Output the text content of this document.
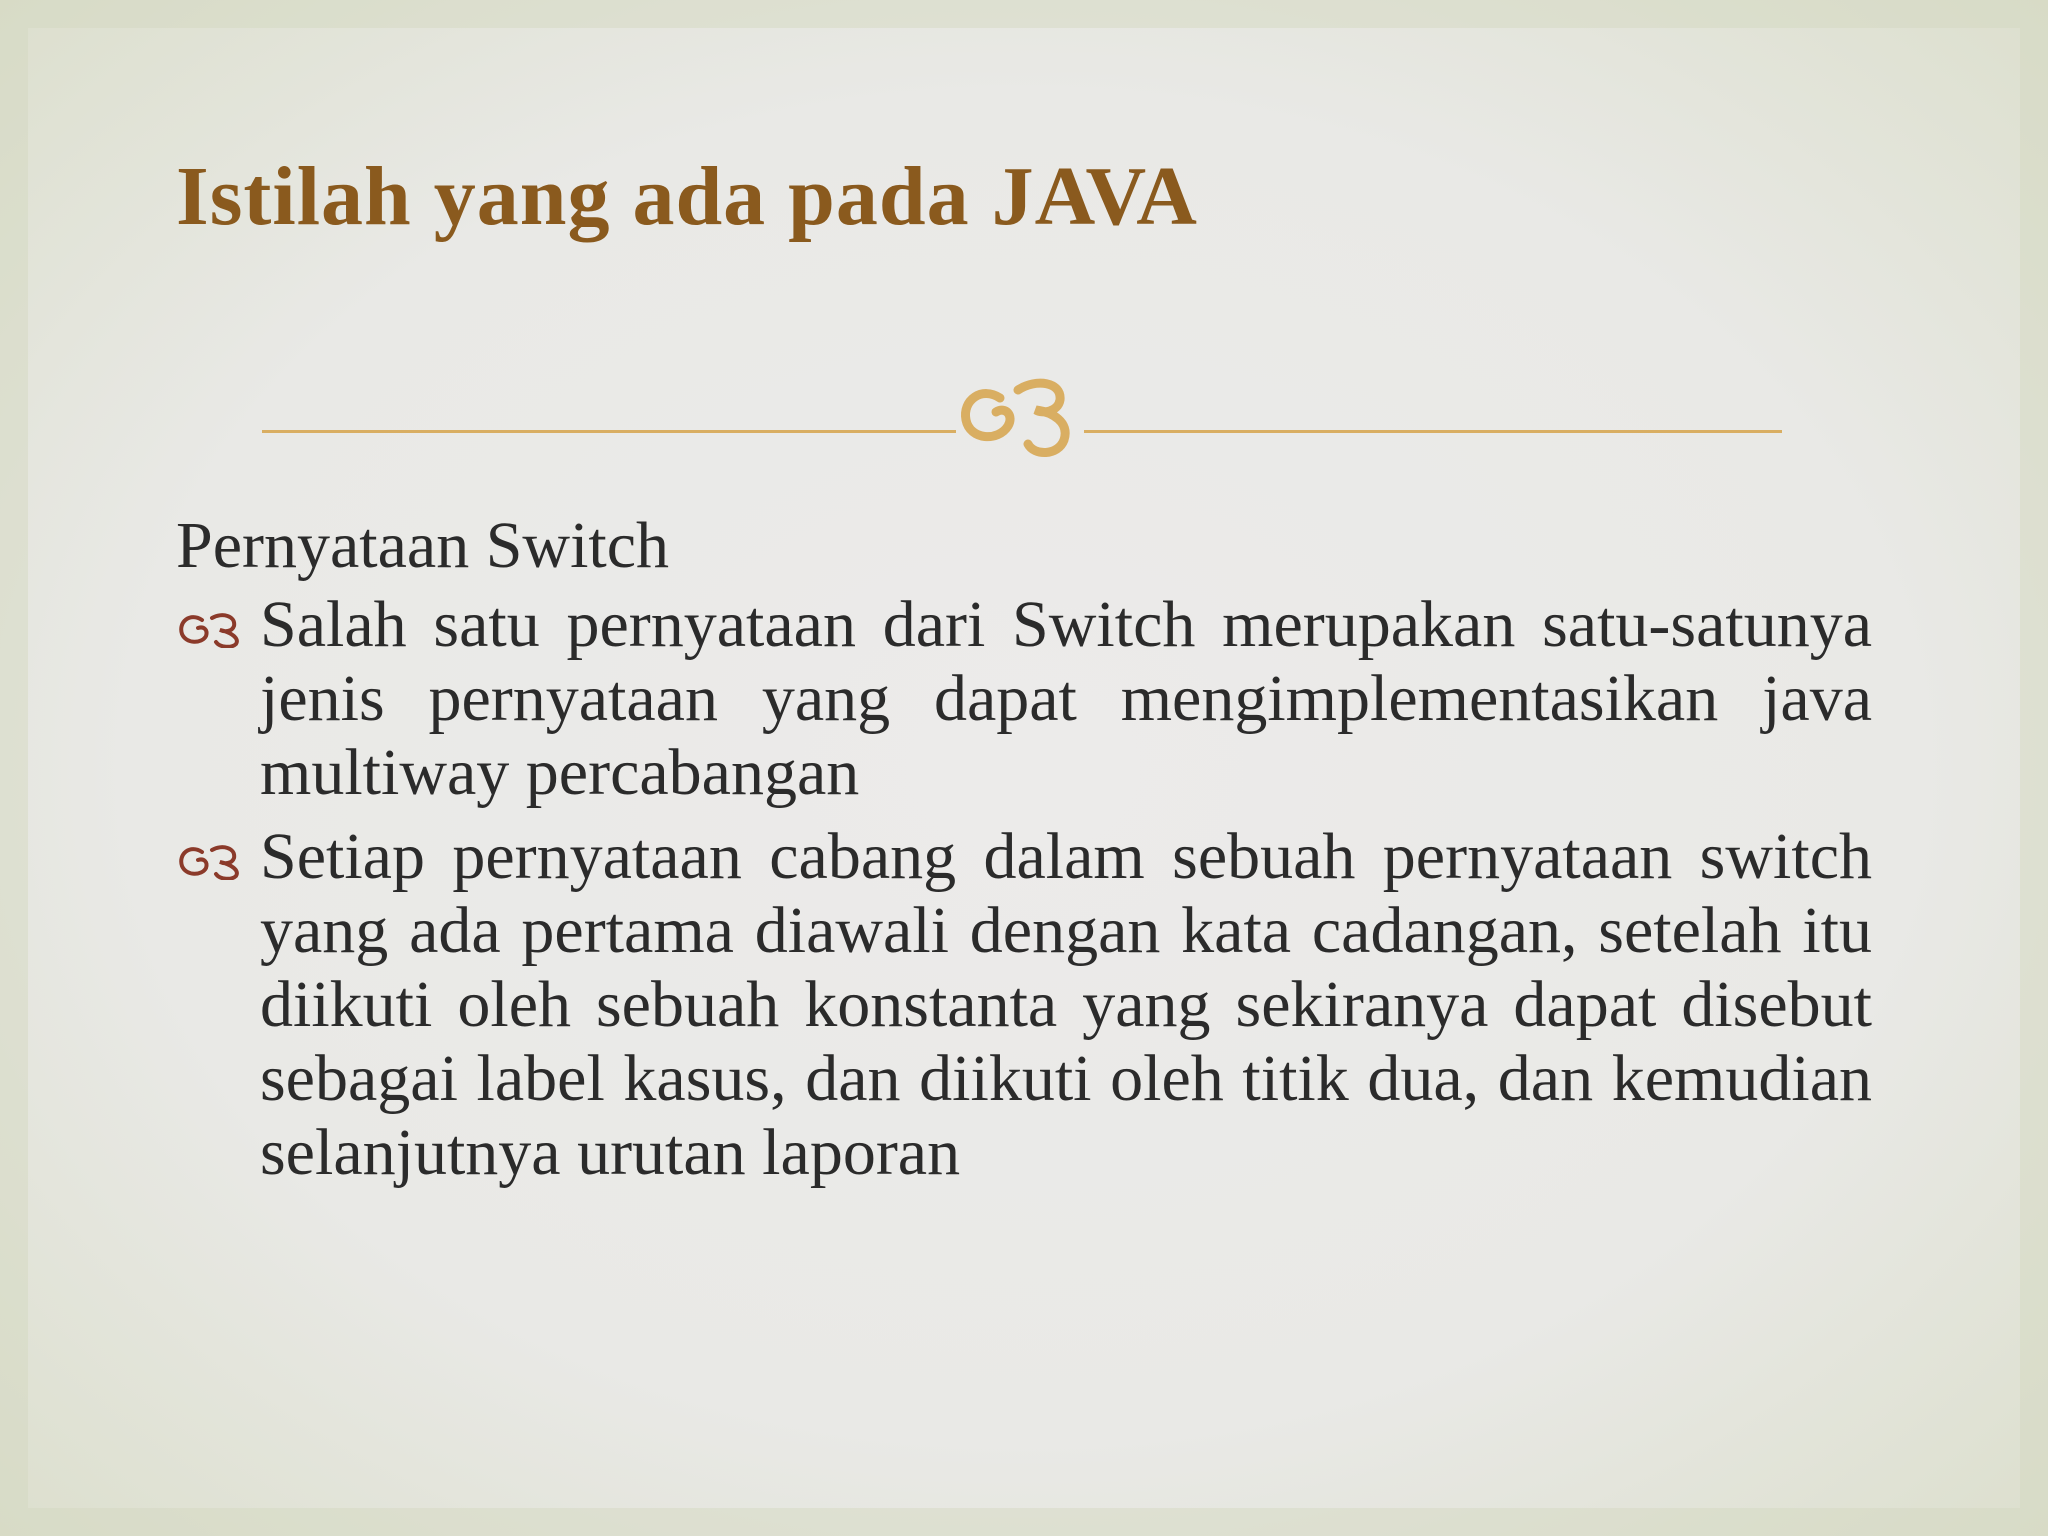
Istilah yang ada pada JAVA

Pernyataan Switch

Salah satu pernyataan dari Switch merupakan satu-satunya jenis pernyataan yang dapat mengimplementasikan java multiway percabangan
Setiap pernyataan cabang dalam sebuah pernyataan switch yang ada pertama diawali dengan kata cadangan, setelah itu diikuti oleh sebuah konstanta yang sekiranya dapat disebut sebagai label kasus, dan diikuti oleh titik dua, dan kemudian selanjutnya urutan laporan
